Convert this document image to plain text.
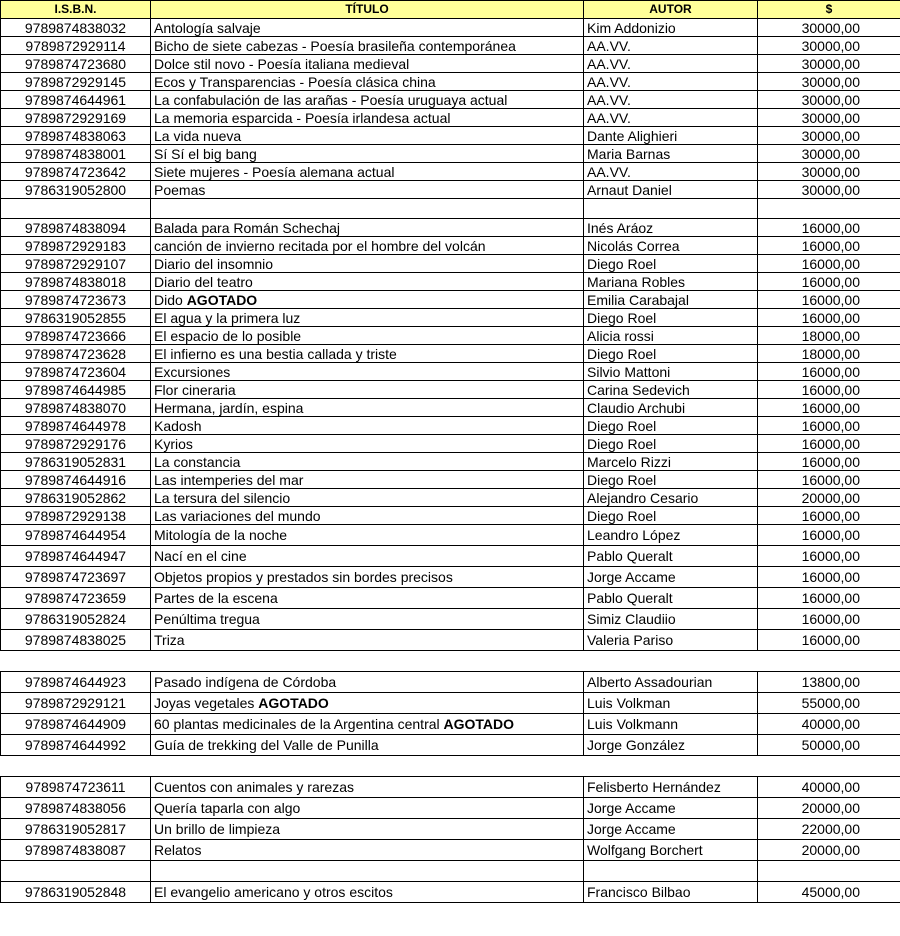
I.S.B.N.	TÍTULO	AUTOR	$
9789874838032	Antología salvaje	Kim Addonizio	30000,00
9789872929114	Bicho de siete cabezas - Poesía brasileña contemporánea	AA.VV.	30000,00
9789874723680	Dolce stil novo - Poesía italiana medieval	AA.VV.	30000,00
9789872929145	Ecos y Transparencias - Poesía clásica china	AA.VV.	30000,00
9789874644961	La confabulación de las arañas - Poesía uruguaya actual	AA.VV.	30000,00
9789872929169	La memoria esparcida - Poesía irlandesa actual	AA.VV.	30000,00
9789874838063	La vida nueva	Dante Alighieri	30000,00
9789874838001	Sí Sí el big bang	Maria Barnas	30000,00
9789874723642	Siete mujeres - Poesía alemana actual	AA.VV.	30000,00
9786319052800	Poemas	Arnaut Daniel	30000,00

9789874838094	Balada para Román Schechaj	Inés Aráoz	16000,00
9789872929183	canción de invierno recitada por el hombre del volcán	Nicolás Correa	16000,00
9789872929107	Diario del insomnio	Diego Roel	16000,00
9789874838018	Diario del teatro	Mariana Robles	16000,00
9789874723673	Dido AGOTADO	Emilia Carabajal	16000,00
9786319052855	El agua y la primera luz	Diego Roel	16000,00
9789874723666	El espacio de lo posible	Alicia rossi	18000,00
9789874723628	El infierno es una bestia callada y triste	Diego Roel	18000,00
9789874723604	Excursiones	Silvio Mattoni	16000,00
9789874644985	Flor cineraria	Carina Sedevich	16000,00
9789874838070	Hermana, jardín, espina	Claudio Archubi	16000,00
9789874644978	Kadosh	Diego Roel	16000,00
9789872929176	Kyrios	Diego Roel	16000,00
9786319052831	La constancia	Marcelo Rizzi	16000,00
9789874644916	Las intemperies del mar	Diego Roel	16000,00
9786319052862	La tersura del silencio	Alejandro Cesario	20000,00
9789872929138	Las variaciones del mundo	Diego Roel	16000,00
9789874644954	Mitología de la noche	Leandro López	16000,00
9789874644947	Nací en el cine	Pablo Queralt	16000,00
9789874723697	Objetos propios y prestados sin bordes precisos	Jorge Accame	16000,00
9789874723659	Partes de la escena	Pablo Queralt	16000,00
9786319052824	Penúltima tregua	Simiz Claudiio	16000,00
9789874838025	Triza	Valeria Pariso	16000,00

9789874644923	Pasado indígena de Córdoba	Alberto Assadourian	13800,00
9789872929121	Joyas vegetales AGOTADO	Luis Volkman	55000,00
9789874644909	60 plantas medicinales de la Argentina central AGOTADO	Luis Volkmann	40000,00
9789874644992	Guía de trekking del Valle de Punilla	Jorge González	50000,00

9789874723611	Cuentos con animales y rarezas	Felisberto Hernández	40000,00
9789874838056	Quería taparla con algo	Jorge Accame	20000,00
9786319052817	Un brillo de limpieza	Jorge Accame	22000,00
9789874838087	Relatos	Wolfgang Borchert	20000,00

9786319052848	El evangelio americano y otros escitos	Francisco Bilbao	45000,00
